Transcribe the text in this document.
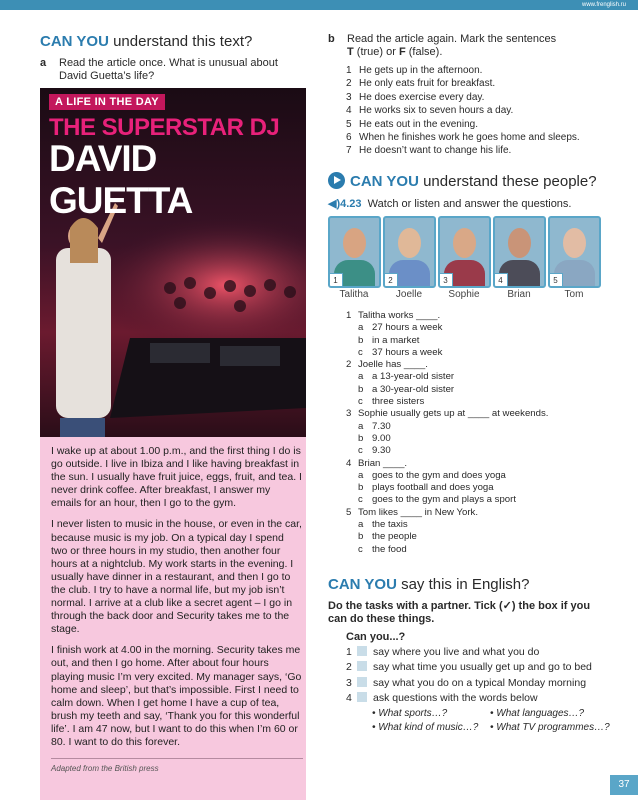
www.frenglish.ru
CAN YOU understand this text?
a Read the article once. What is unusual about David Guetta’s life?
A LIFE IN THE DAY
THE SUPERSTAR DJ
DAVID GUETTA

I wake up at about 1.00 p.m., and the first thing I do is go outside. I live in Ibiza and I like having breakfast in the sun. I usually have fruit juice, eggs, fruit, and tea. I never drink coffee. After breakfast, I answer my emails for an hour, then I go to the gym.

I never listen to music in the house, or even in the car, because music is my job. On a typical day I spend two or three hours in my studio, then another four hours at a nightclub. My work starts in the evening. I usually have dinner in a restaurant, and then I go to the club. I try to have a normal life, but my job isn’t normal. I arrive at a club like a secret agent – I go in through the back door and Security takes me to the stage.

I finish work at 4.00 in the morning. Security takes me out, and then I go home. After about four hours playing music I’m very excited. My manager says, ‘Go home and sleep’, but that’s impossible. First I need to calm down. When I get home I have a cup of tea, brush my teeth and say, ‘Thank you for this wonderful life’. I am 47 now, but I want to do this when I’m 60 or 80. I want to do this forever.

Adapted from the British press
b Read the article again. Mark the sentences
T (true) or F (false).
1 He gets up in the afternoon.
2 He only eats fruit for breakfast.
3 He does exercise every day.
4 He works six to seven hours a day.
5 He eats out in the evening.
6 When he finishes work he goes home and sleeps.
7 He doesn’t want to change his life.
CAN YOU understand these people?
◀)4.23 Watch or listen and answer the questions.
1	2	3	4	5
Talitha	Joelle	Sophie	Brian	Tom
1 Talitha works ____.
a 27 hours a week
b in a market
c 37 hours a week
2 Joelle has ____.
a a 13-year-old sister
b a 30-year-old sister
c three sisters
3 Sophie usually gets up at ____ at weekends.
a 7.30
b 9.00
c 9.30
4 Brian ____.
a goes to the gym and does yoga
b plays football and does yoga
c goes to the gym and plays a sport
5 Tom likes ____ in New York.
a the taxis
b the people
c the food
CAN YOU say this in English?
Do the tasks with a partner. Tick (✓) the box if you can do these things.
Can you...?
1 say where you live and what you do
2 say what time you usually get up and go to bed
3 say what you do on a typical Monday morning
4 ask questions with the words below
• What sports…?	• What languages…?
• What kind of music…? • What TV programmes…?
37
